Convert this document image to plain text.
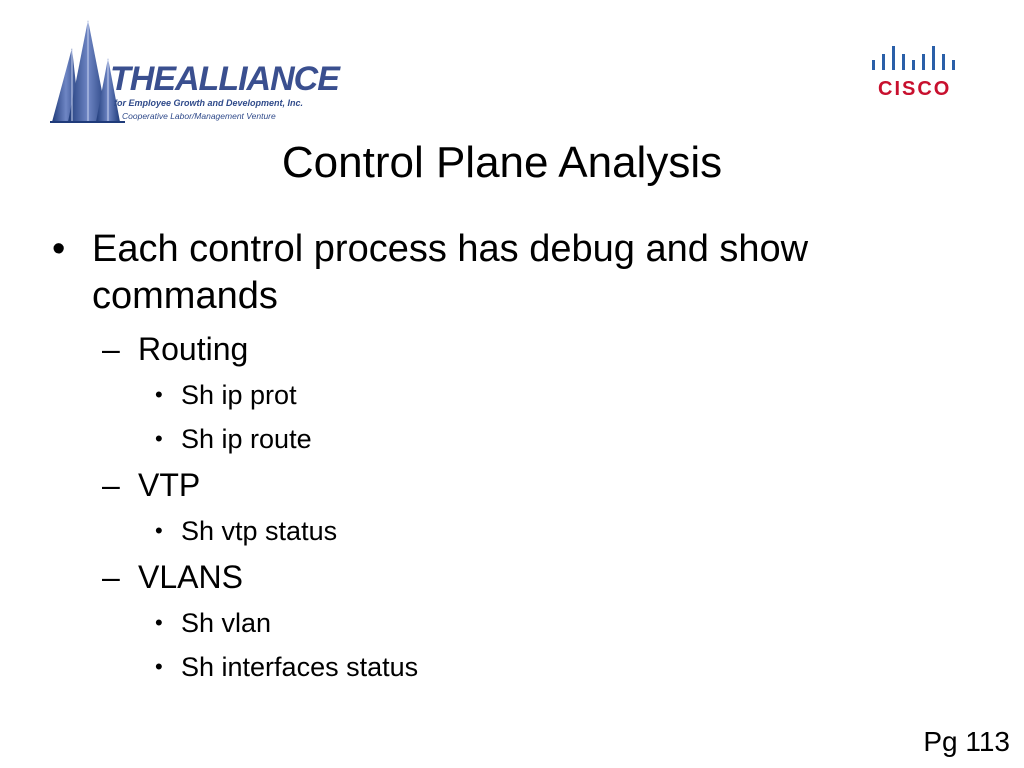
THEALLIANCE
for Employee Growth and Development, Inc.
Cooperative Labor/Management Venture
CISCO
Control Plane Analysis
• Each control process has debug and show commands
– Routing
• Sh ip prot
• Sh ip route
– VTP
• Sh vtp status
– VLANS
• Sh vlan
• Sh interfaces status
Pg 113
